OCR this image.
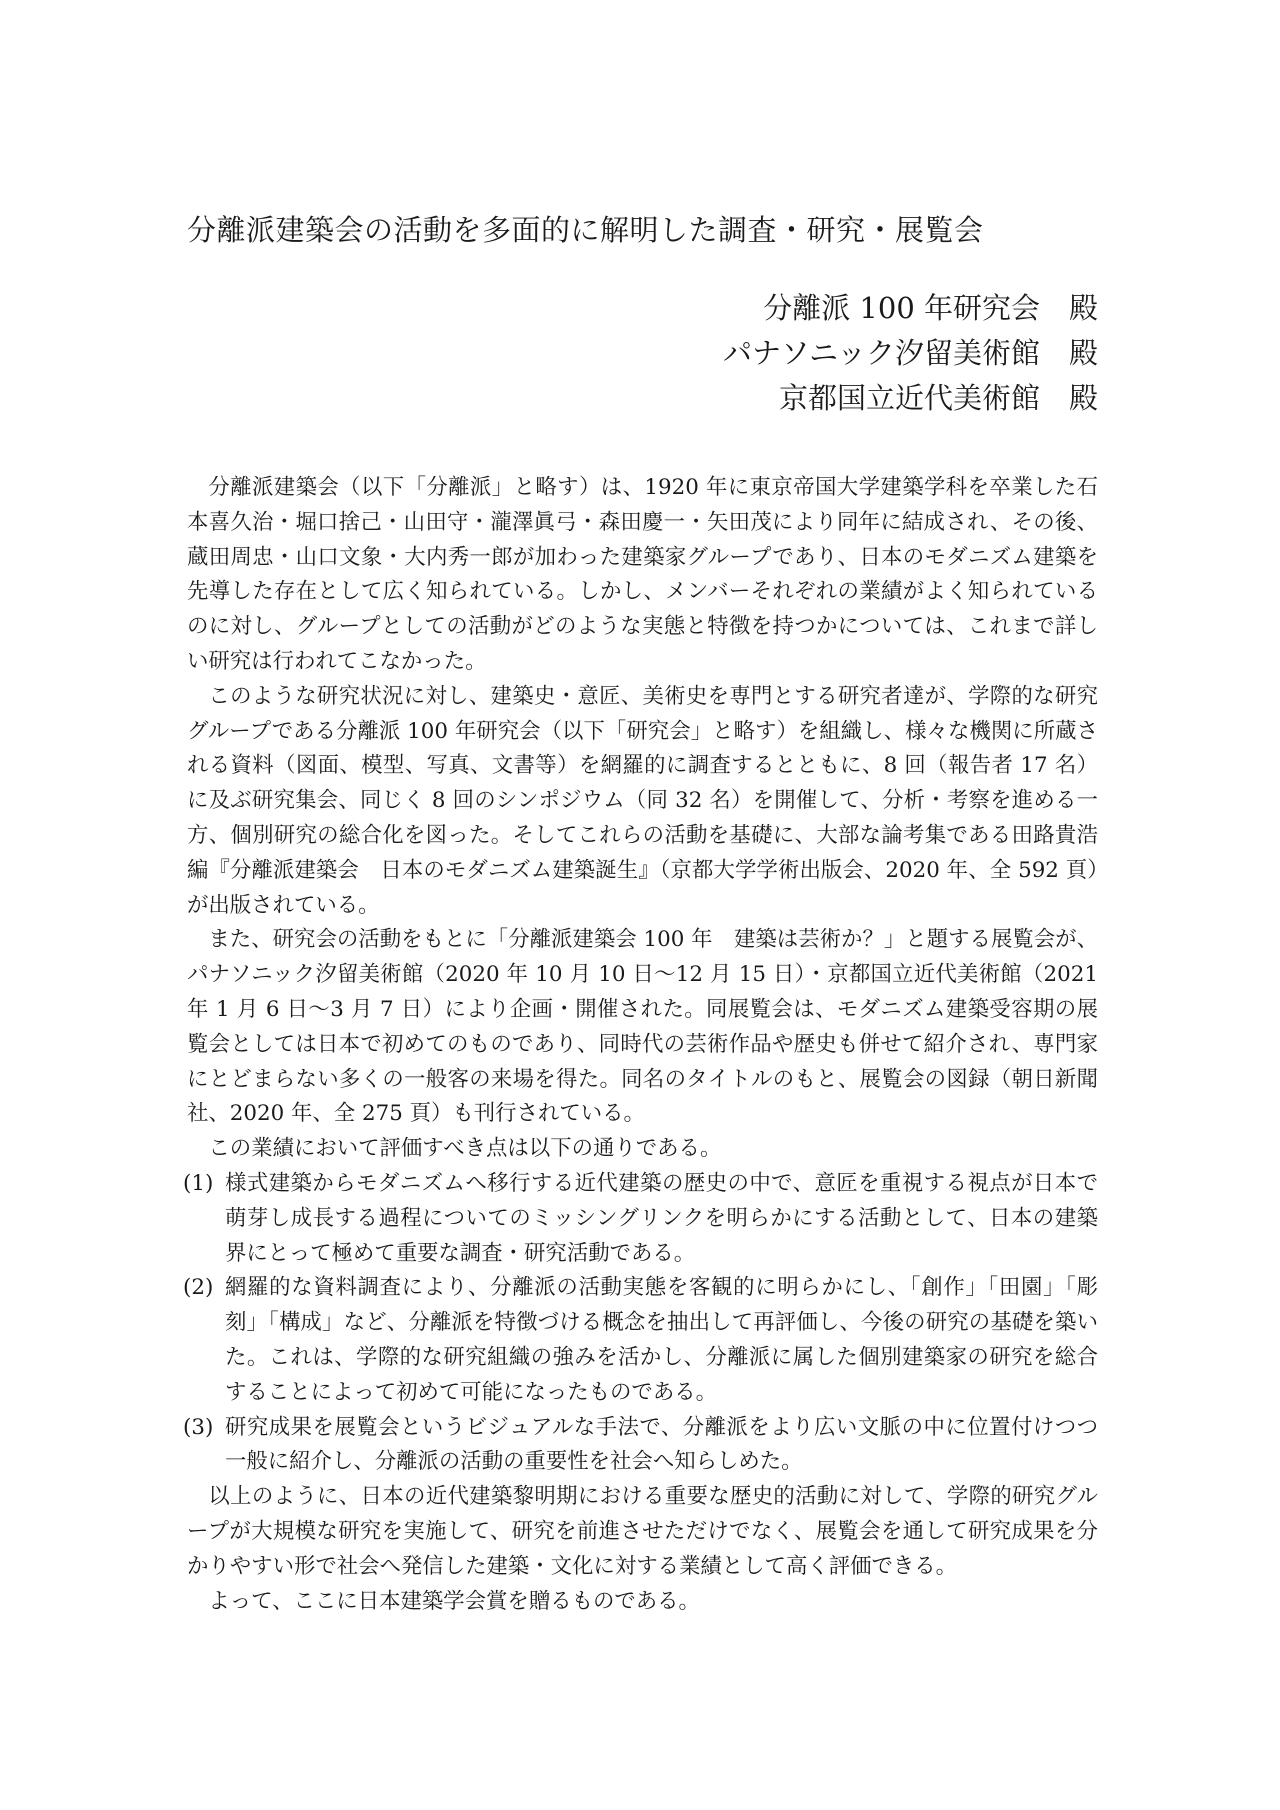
分離派建築会の活動を多面的に解明した調査・研究・展覧会
分離派 100 年研究会　殿
パナソニック汐留美術館　殿
京都国立近代美術館　殿

分離派建築会（以下「分離派」と略す）は、1920 年に東京帝国大学建築学科を卒業した石本喜久治・堀口捨己・山田守・瀧澤眞弓・森田慶一・矢田茂により同年に結成され、その後、蔵田周忠・山口文象・大内秀一郎が加わった建築家グループであり、日本のモダニズム建築を先導した存在として広く知られている。しかし、メンバーそれぞれの業績がよく知られているのに対し、グループとしての活動がどのような実態と特徴を持つかについては、これまで詳しい研究は行われてこなかった。

このような研究状況に対し、建築史・意匠、美術史を専門とする研究者達が、学際的な研究グループである分離派 100 年研究会（以下「研究会」と略す）を組織し、様々な機関に所蔵される資料（図面、模型、写真、文書等）を網羅的に調査するとともに、8 回（報告者 17 名）に及ぶ研究集会、同じく 8 回のシンポジウム（同 32 名）を開催して、分析・考察を進める一方、個別研究の総合化を図った。そしてこれらの活動を基礎に、大部な論考集である田路貴浩編『分離派建築会　日本のモダニズム建築誕生』（京都大学学術出版会、2020 年、全 592 頁）が出版されている。

また、研究会の活動をもとに「分離派建築会 100 年　建築は芸術か？」と題する展覧会が、パナソニック汐留美術館（2020 年 10 月 10 日〜12 月 15 日）・京都国立近代美術館（2021 年 1 月 6 日〜3 月 7 日）により企画・開催された。同展覧会は、モダニズム建築受容期の展覧会としては日本で初めてのものであり、同時代の芸術作品や歴史も併せて紹介され、専門家にとどまらない多くの一般客の来場を得た。同名のタイトルのもと、展覧会の図録（朝日新聞社、2020 年、全 275 頁）も刊行されている。

この業績において評価すべき点は以下の通りである。

(1) 様式建築からモダニズムへ移行する近代建築の歴史の中で、意匠を重視する視点が日本で萌芽し成長する過程についてのミッシングリンクを明らかにする活動として、日本の建築界にとって極めて重要な調査・研究活動である。
(2) 網羅的な資料調査により、分離派の活動実態を客観的に明らかにし、「創作」「田園」「彫刻」「構成」など、分離派を特徴づける概念を抽出して再評価し、今後の研究の基礎を築いた。これは、学際的な研究組織の強みを活かし、分離派に属した個別建築家の研究を総合することによって初めて可能になったものである。
(3) 研究成果を展覧会というビジュアルな手法で、分離派をより広い文脈の中に位置付けつつ一般に紹介し、分離派の活動の重要性を社会へ知らしめた。

以上のように、日本の近代建築黎明期における重要な歴史的活動に対して、学際的研究グループが大規模な研究を実施して、研究を前進させただけでなく、展覧会を通して研究成果を分かりやすい形で社会へ発信した建築・文化に対する業績として高く評価できる。

よって、ここに日本建築学会賞を贈るものである。
